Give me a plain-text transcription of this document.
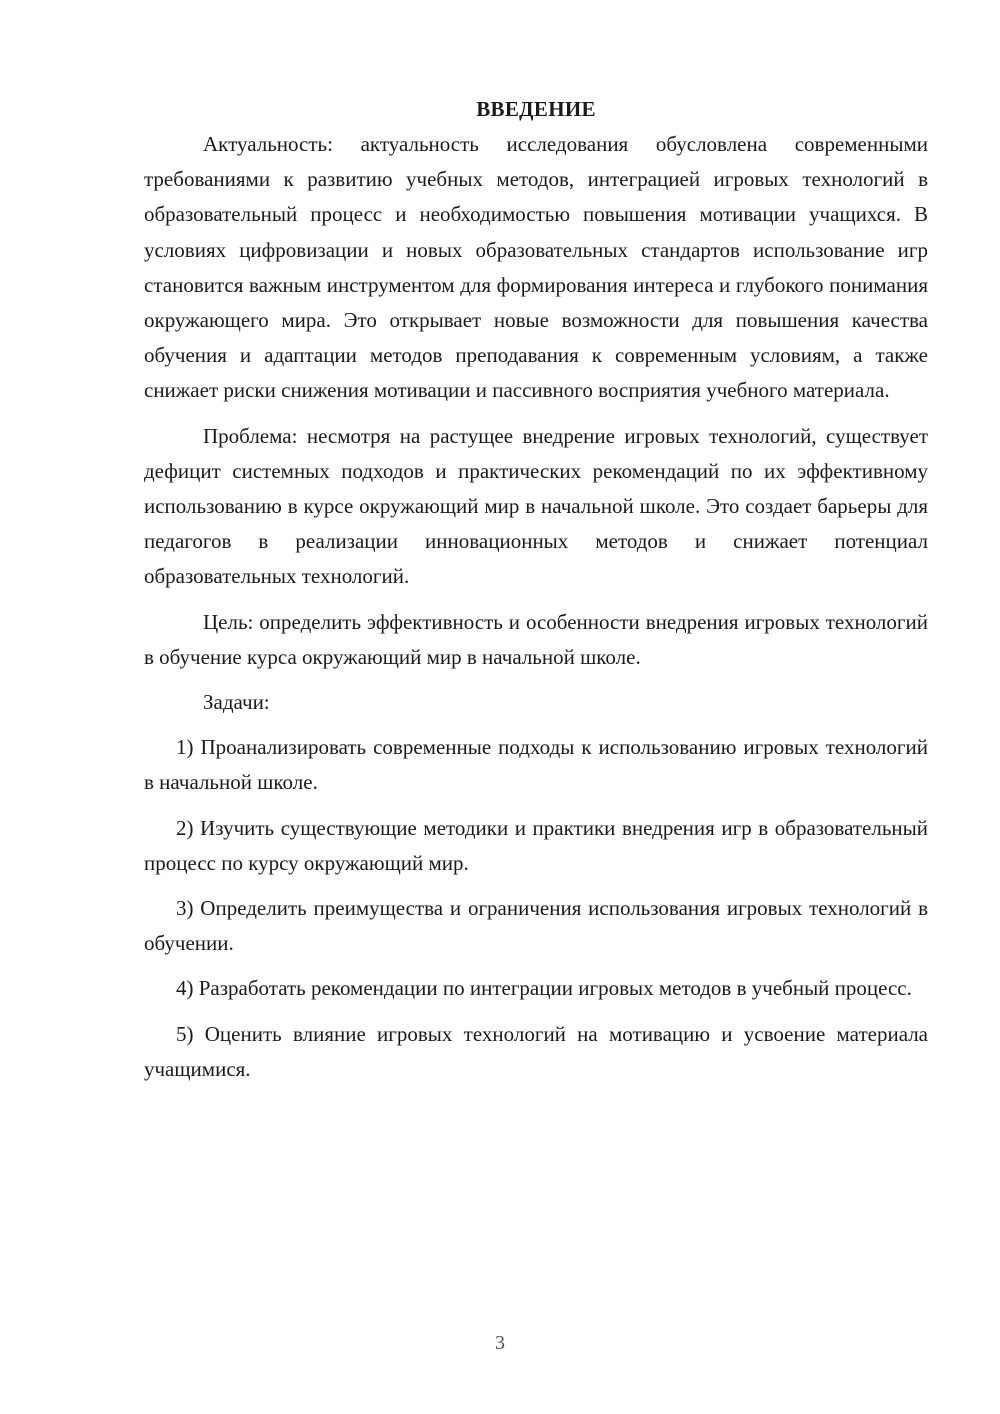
ВВЕДЕНИЕ

Актуальность: актуальность исследования обусловлена современными требованиями к развитию учебных методов, интеграцией игровых технологий в образовательный процесс и необходимостью повышения мотивации учащихся. В условиях цифровизации и новых образовательных стандартов использование игр становится важным инструментом для формирования интереса и глубокого понимания окружающего мира. Это открывает новые возможности для повышения качества обучения и адаптации методов преподавания к современным условиям, а также снижает риски снижения мотивации и пассивного восприятия учебного материала.

Проблема: несмотря на растущее внедрение игровых технологий, существует дефицит системных подходов и практических рекомендаций по их эффективному использованию в курсе окружающий мир в начальной школе. Это создает барьеры для педагогов в реализации инновационных методов и снижает потенциал образовательных технологий.

Цель: определить эффективность и особенности внедрения игровых технологий в обучение курса окружающий мир в начальной школе.

Задачи:

1) Проанализировать современные подходы к использованию игровых технологий в начальной школе.

2) Изучить существующие методики и практики внедрения игр в образовательный процесс по курсу окружающий мир.

3) Определить преимущества и ограничения использования игровых технологий в обучении.

4) Разработать рекомендации по интеграции игровых методов в учебный процесс.

5) Оценить влияние игровых технологий на мотивацию и усвоение материала учащимися.

3
